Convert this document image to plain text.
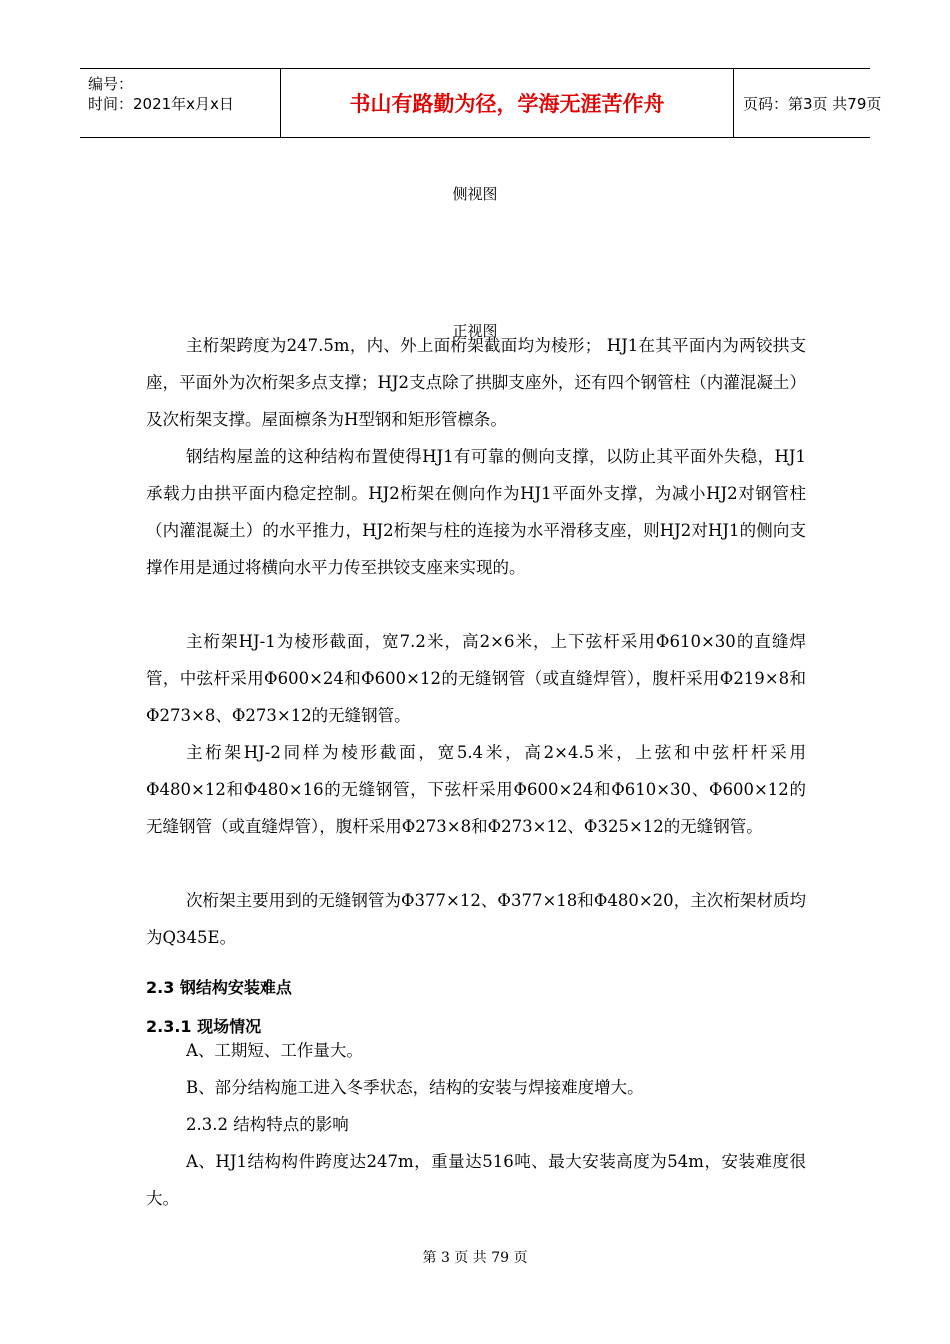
编号：
时间：2021年x月x日	书山有路勤为径，学海无涯苦作舟	页码：第3页 共79页
侧视图
正视图
主桁架跨度为247.5m，内、外上面桁架截面均为棱形； HJ1在其平面内为两铰拱支座，平面外为次桁架多点支撑；HJ2支点除了拱脚支座外，还有四个钢管柱（内灌混凝土）及次桁架支撑。屋面檩条为H型钢和矩形管檩条。
钢结构屋盖的这种结构布置使得HJ1有可靠的侧向支撑，以防止其平面外失稳，HJ1承载力由拱平面内稳定控制。HJ2桁架在侧向作为HJ1平面外支撑，为减小HJ2对钢管柱（内灌混凝土）的水平推力，HJ2桁架与柱的连接为水平滑移支座，则HJ2对HJ1的侧向支撑作用是通过将横向水平力传至拱铰支座来实现的。
主桁架HJ-1为棱形截面，宽7.2米，高2×6米，上下弦杆采用Φ610×30的直缝焊管，中弦杆采用Φ600×24和Φ600×12的无缝钢管（或直缝焊管），腹杆采用Φ219×8和Φ273×8、Φ273×12的无缝钢管。
主桁架HJ-2同样为棱形截面，宽5.4米，高2×4.5米，上弦和中弦杆杆采用Φ480×12和Φ480×16的无缝钢管，下弦杆采用Φ600×24和Φ610×30、Φ600×12的无缝钢管（或直缝焊管），腹杆采用Φ273×8和Φ273×12、Φ325×12的无缝钢管。
次桁架主要用到的无缝钢管为Φ377×12、Φ377×18和Φ480×20，主次桁架材质均为Q345E。
2.3 钢结构安装难点
2.3.1 现场情况
A、工期短、工作量大。
B、部分结构施工进入冬季状态，结构的安装与焊接难度增大。
2.3.2 结构特点的影响
A、HJ1结构构件跨度达247m，重量达516吨、最大安装高度为54m，安装难度很大。
第 3 页 共 79 页
